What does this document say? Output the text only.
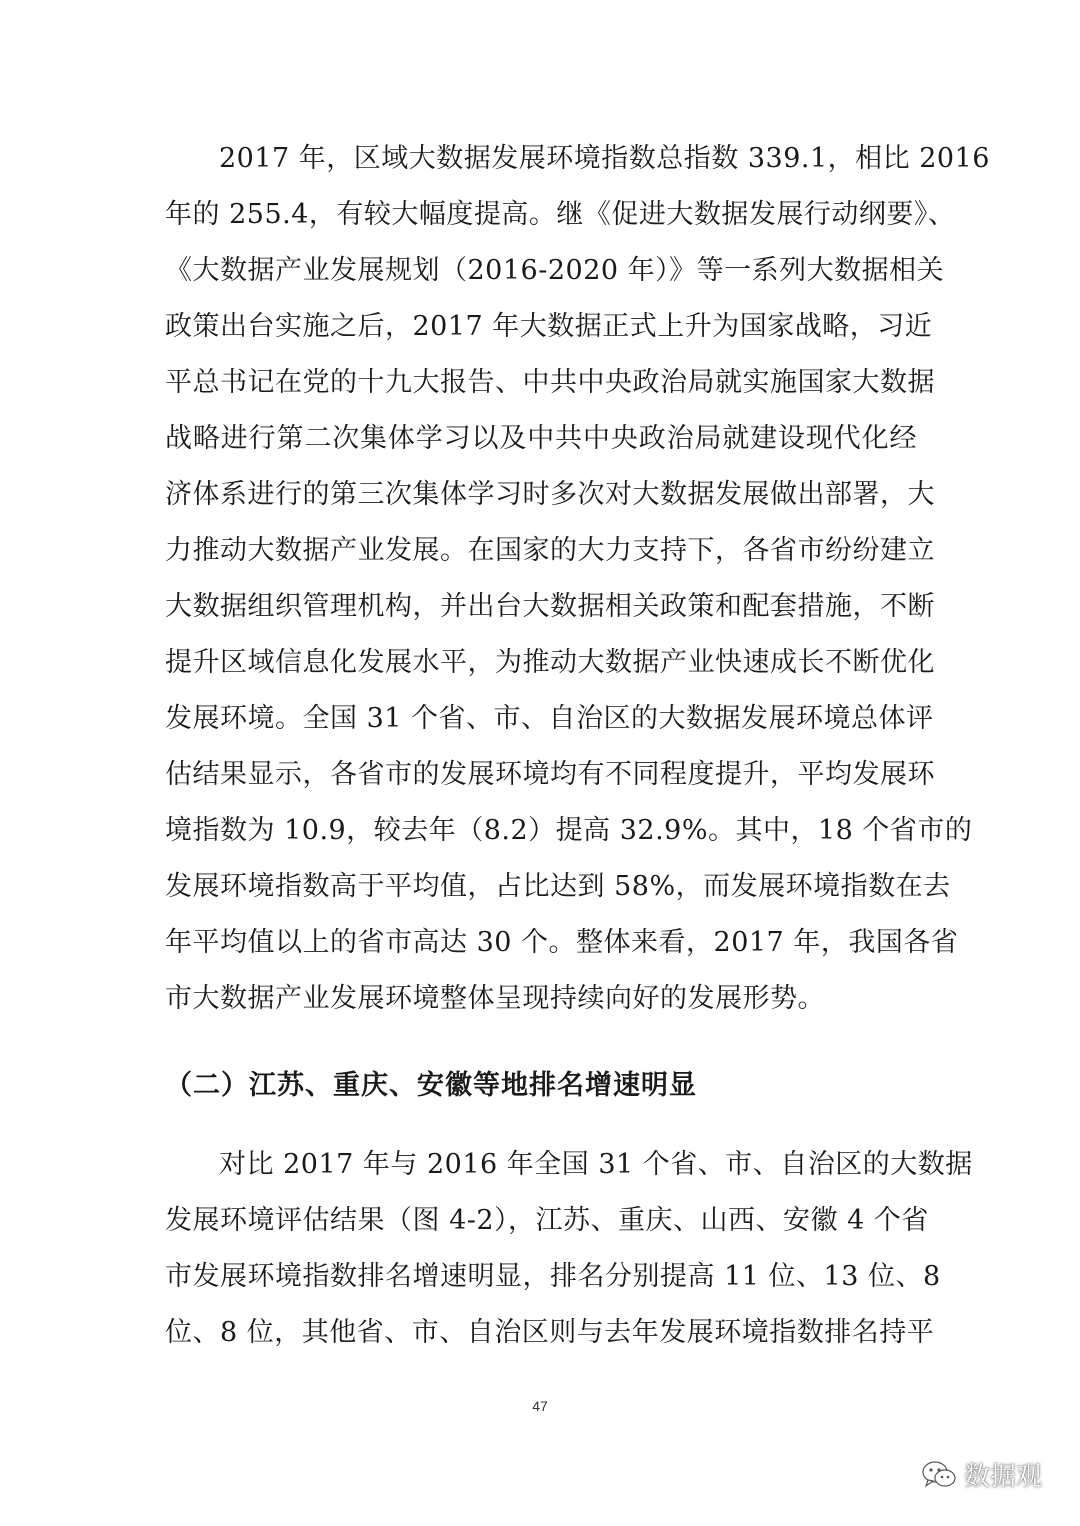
2017 年，区域大数据发展环境指数总指数 339.1，相比 2016
年的 255.4，有较大幅度提高。继《促进大数据发展行动纲要》、
《大数据产业发展规划（2016-2020 年）》等一系列大数据相关
政策出台实施之后，2017 年大数据正式上升为国家战略，习近
平总书记在党的十九大报告、中共中央政治局就实施国家大数据
战略进行第二次集体学习以及中共中央政治局就建设现代化经
济体系进行的第三次集体学习时多次对大数据发展做出部署，大
力推动大数据产业发展。在国家的大力支持下，各省市纷纷建立
大数据组织管理机构，并出台大数据相关政策和配套措施，不断
提升区域信息化发展水平，为推动大数据产业快速成长不断优化
发展环境。全国 31 个省、市、自治区的大数据发展环境总体评
估结果显示，各省市的发展环境均有不同程度提升，平均发展环
境指数为 10.9，较去年（8.2）提高 32.9%。其中，18 个省市的
发展环境指数高于平均值，占比达到 58%，而发展环境指数在去
年平均值以上的省市高达 30 个。整体来看，2017 年，我国各省
市大数据产业发展环境整体呈现持续向好的发展形势。
（二）江苏、重庆、安徽等地排名增速明显
对比 2017 年与 2016 年全国 31 个省、市、自治区的大数据
发展环境评估结果（图 4-2），江苏、重庆、山西、安徽 4 个省
市发展环境指数排名增速明显，排名分别提高 11 位、13 位、8
位、8 位，其他省、市、自治区则与去年发展环境指数排名持平
47
数据观
